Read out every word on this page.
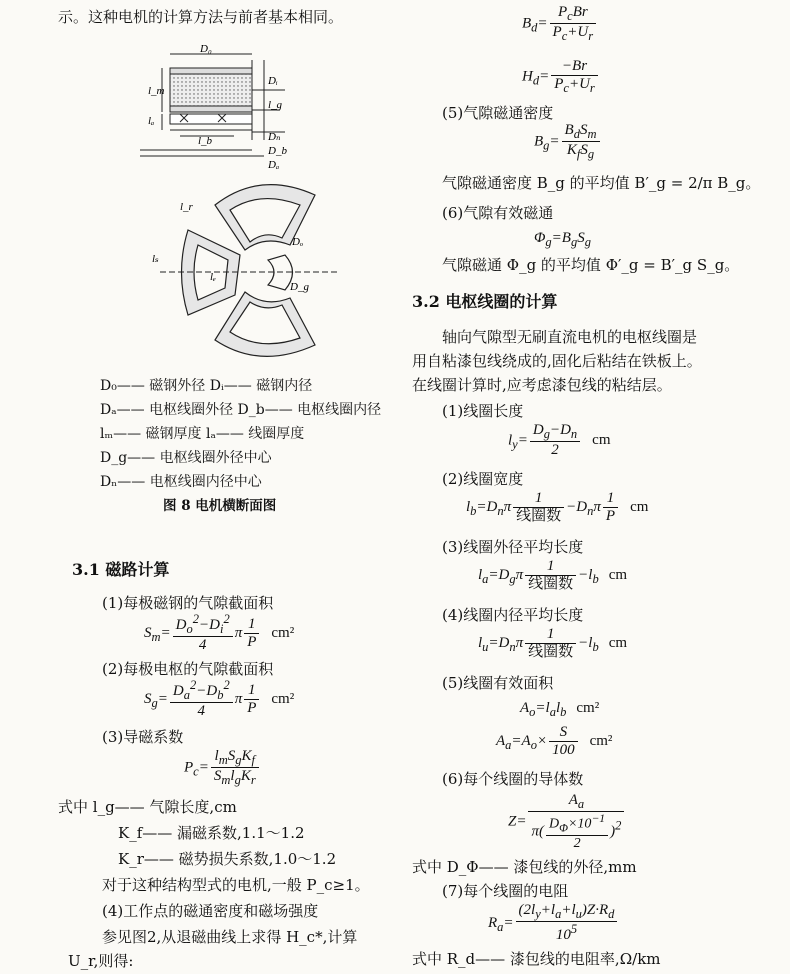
示。这种电机的计算方法与前者基本相同。
D₀
Dᵢ
l_g
Dₙ
D_b
Dₐ
l_m
lₐ
l_b
l_r
lₛ
lₑ
Dₒ
D_g
D₀—— 磁钢外径 Dᵢ—— 磁钢内径
Dₐ—— 电枢线圈外径 D_b—— 电枢线圈内径
lₘ—— 磁钢厚度 lₐ—— 线圈厚度
D_g—— 电枢线圈外径中心
Dₙ—— 电枢线圈内径中心
图 8 电机横断面图
3.1 磁路计算
(1)每极磁钢的气隙截面积
$S_m= \frac{D_o^2-D_i^2}{4}$ π $\frac{1}{P} cm^2$
(2)每极电枢的气隙截面积
$S_g= \frac{D_a^2-D_b^2}{4}$ π $\frac{1}{P} cm^2$
(3)导磁系数
$P_c= \frac{l_mS_gK_f}{S_ml_gK_r}$
式中 l_g—— 气隙长度,cm
K_f—— 漏磁系数,1.1～1.2
K_r—— 磁势损失系数,1.0～1.2
对于这种结构型式的电机,一般 P_c≥1。
(4)工作点的磁通密度和磁场强度
参见图2,从退磁曲线上求得 H_c*,计算
U_r,则得:
$B_d= \frac{P_cBr}{P_c+U_r}$
$H_d= \frac{-Br}{P_c+U_r}$
(5)气隙磁通密度
$B_g= \frac{B_dS_m}{K_fS_g}$
气隙磁通密度 B_g 的平均值 B′_g = 2/π B_g。
(6)气隙有效磁通
$\Phi_g=B_gS_g$
气隙磁通 Φ_g 的平均值 Φ′_g = B′_g S_g。
3.2 电枢线圈的计算
轴向气隙型无刷直流电机的电枢线圈是
用自粘漆包线绕成的,固化后粘结在铁板上。
在线圈计算时,应考虑漆包线的粘结层。
(1)线圈长度
$l_y= \frac{D_g-D_n}{2}$ cm
(2)线圈宽度
$l_b=D_n\pi \frac{1}{\text{线圈数}} -D_n\pi \frac{1}{P}$ cm
(3)线圈外径平均长度
$l_a=D_g\pi \frac{1}{\text{线圈数}} -l_b$ cm
(4)线圈内径平均长度
$l_u=D_n\pi \frac{1}{\text{线圈数}} -l_b$ cm
(5)线圈有效面积
$A_o=l_al_b$ cm²
$A_a=A_o\times \frac{S}{100} cm^2$
(6)每个线圈的导体数
$Z= \frac{A_a}{\pi( \frac{D_\Phi\times 10^{-1}}{2} )^2}$
式中 D_Φ—— 漆包线的外径,mm
(7)每个线圈的电阻
$R_a= \frac{(2l_y+l_a+l_u)Z\cdot R_d}{10^5}$
式中 R_d—— 漆包线的电阻率,Ω/km
